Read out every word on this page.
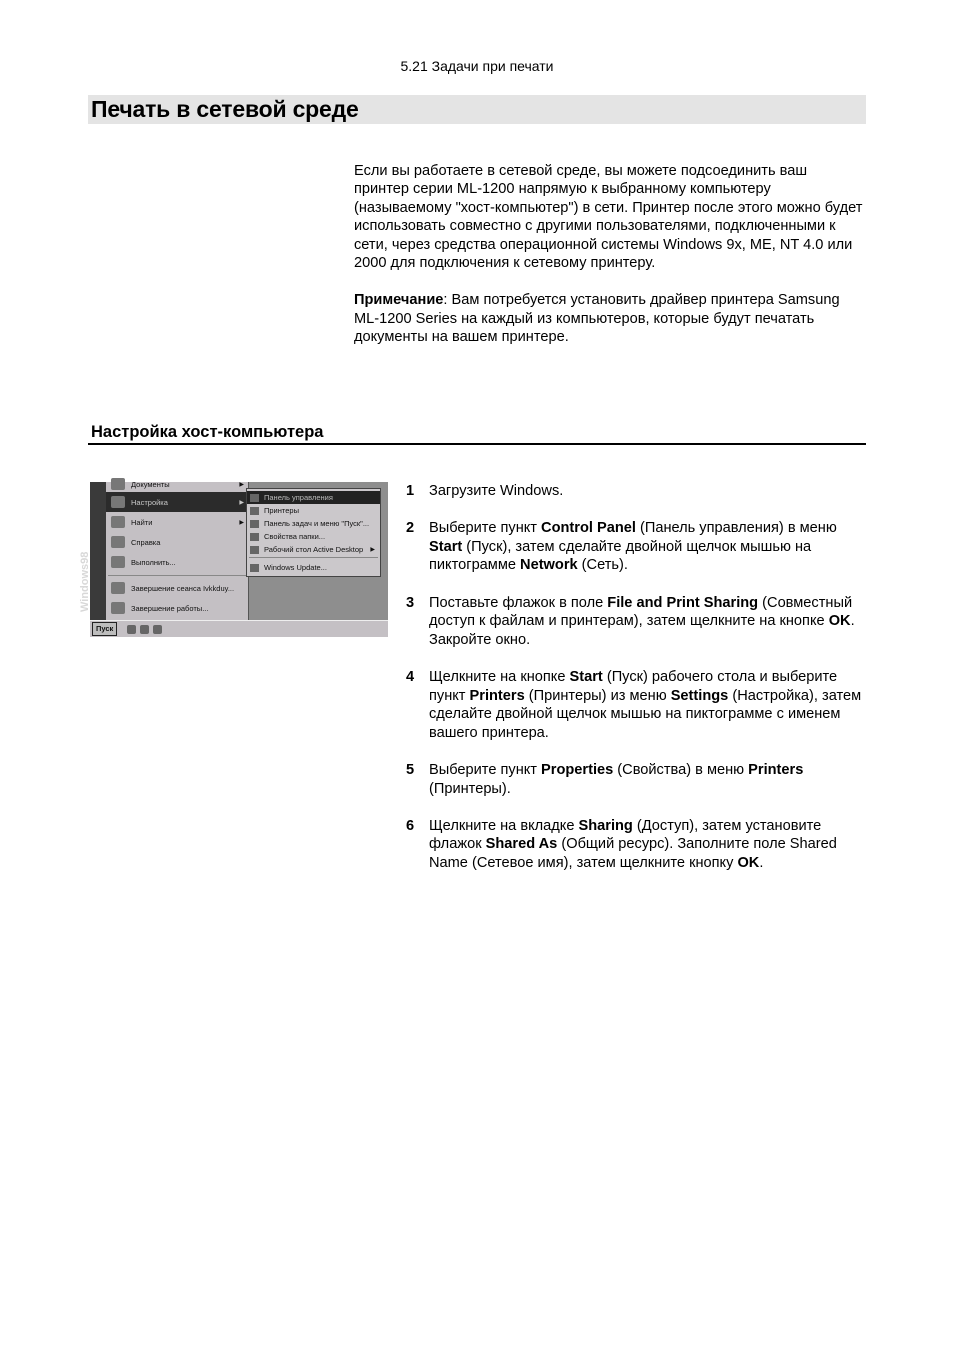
5.21 Задачи при печати
Печать в сетевой среде

Если вы работаете в сетевой среде, вы можете подсоединить ваш принтер серии ML-1200 напрямую к выбранному компьютеру (называемому "хост-компьютер") в сети. Принтер после этого можно будет использовать совместно с другими пользователями, подключенными к сети, через средства операционной системы Windows 9x, ME, NT 4.0 или 2000 для подключения к сетевому принтеру.

Примечание: Вам потребуется установить драйвер принтера Samsung ML-1200 Series на каждый из компьютеров, которые будут печатать документы на вашем принтере.

Настройка хост-компьютера
Windows98
Документы	▶
Настройка	▶
Найти	▶
Справка
Выполнить...
Завершение сеанса Ivkkduy...
Завершение работы...
Панель управления
Принтеры
Панель задач и меню "Пуск"...
Свойства папки...
Рабочий стол Active Desktop ▶
Windows Update...
Пуск
1 Загрузите Windows.
2 Выберите пункт Control Panel (Панель управления) в меню Start (Пуск), затем сделайте двойной щелчок мышью на пиктограмме Network (Сеть).
3 Поставьте флажок в поле File and Print Sharing (Совместный доступ к файлам и принтерам), затем щелкните на кнопке OK. Закройте окно.
4 Щелкните на кнопке Start (Пуск) рабочего стола и выберите пункт Printers (Принтеры) из меню Settings (Настройка), затем сделайте двойной щелчок мышью на пиктограмме с именем вашего принтера.
5 Выберите пункт Properties (Свойства) в меню Printers (Принтеры).
6 Щелкните на вкладке Sharing (Доступ), затем установите флажок Shared As (Общий ресурс). Заполните поле Shared Name (Сетевое имя), затем щелкните кнопку OK.
